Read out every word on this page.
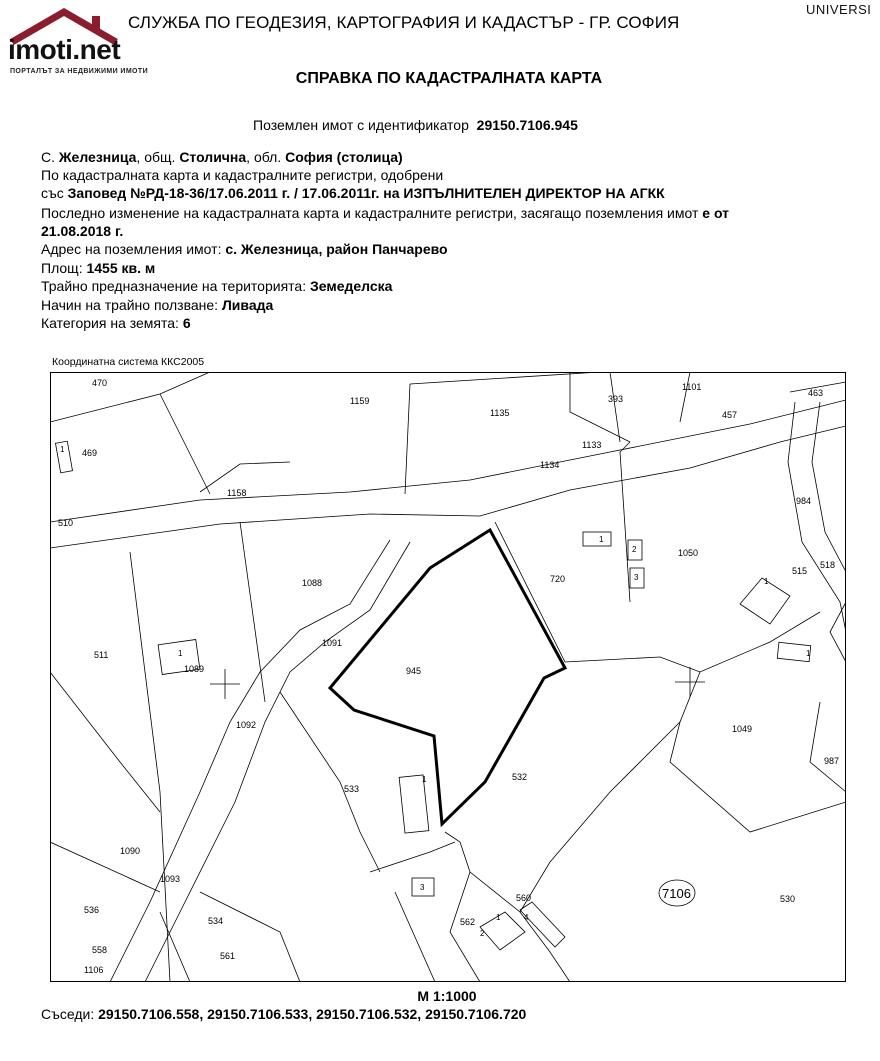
imoti.net
ПОРТАЛЪТ ЗА НЕДВИЖИМИ ИМОТИ
UNIVERSI
СЛУЖБА ПО ГЕОДЕЗИЯ, КАРТОГРАФИЯ И КАДАСТЪР - ГР. СОФИЯ
СПРАВКА ПО КАДАСТРАЛНАТА КАРТА
Поземлен имот с идентификатор 29150.7106.945
С. Железница, общ. Столична, обл. София (столица)
По кадастралната карта и кадастралните регистри, одобрени
със Заповед №РД-18-36/17.06.2011 г. / 17.06.2011г. на ИЗПЪЛНИТЕЛЕН ДИРЕКТОР НА АГКК
Последно изменение на кадастралната карта и кадастралните регистри, засягащо поземления имот е от
21.08.2018 г.
Адрес на поземления имот: с. Железница, район Панчарево
Площ: 1455 кв. м
Трайно предназначение на територията: Земеделска
Начин на трайно ползване: Ливада
Категория на земята: 6
Координатна система ККС2005
470
469
510
1159
1158
1135
393
1133
1134
1101
457
463
984
515
518
1050
720
945
1088
1091
1089
511
1092
533
532
1049
987
1090
1093
536
534
558
1106
561
560
562
7106	530
1
1
1
2
3	1
1
1
3
1
2
4
М 1:1000
Съседи: 29150.7106.558, 29150.7106.533, 29150.7106.532, 29150.7106.720
